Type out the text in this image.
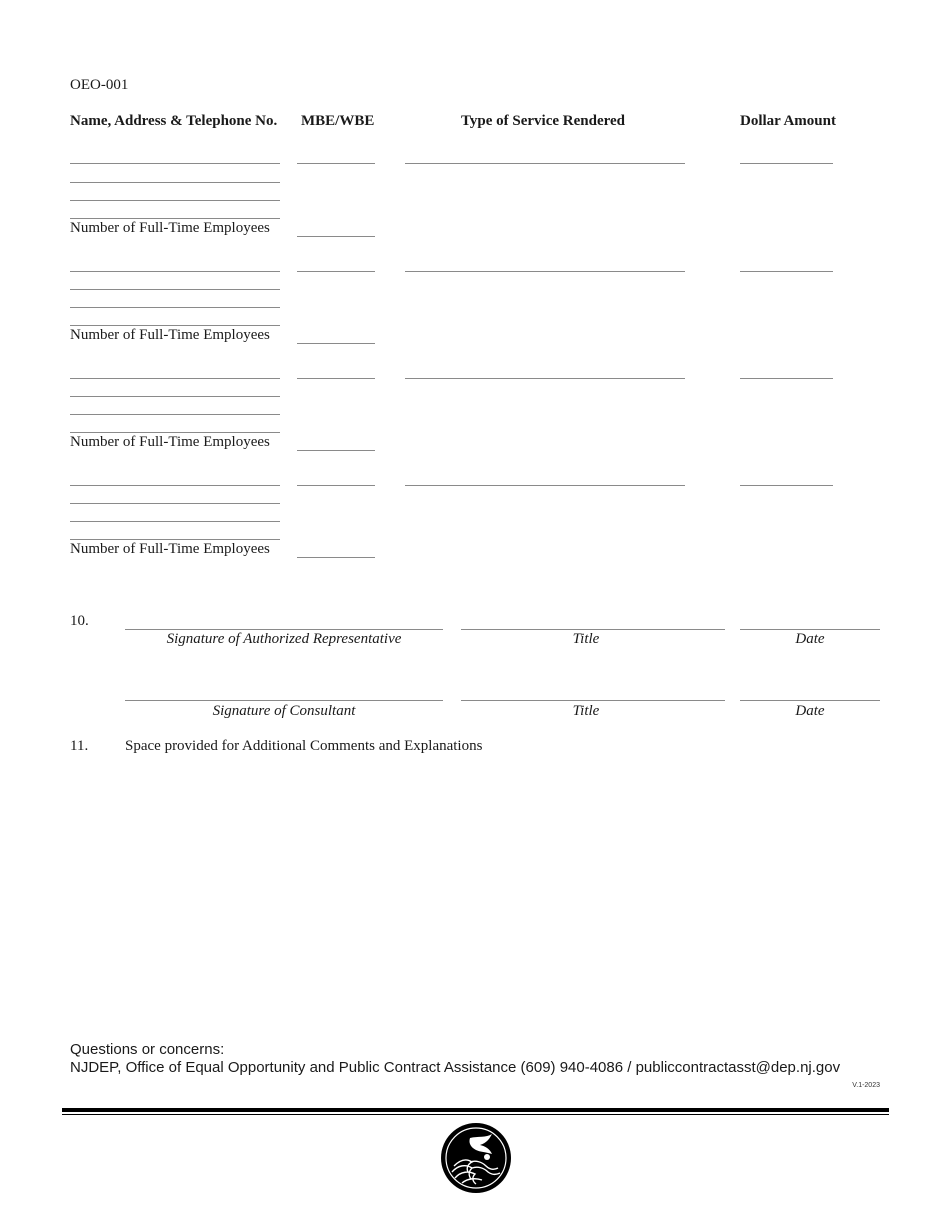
OEO-001
Name, Address & Telephone No. MBE/WBE	Type of Service Rendered	Dollar Amount
Number of Full-Time Employees
Number of Full-Time Employees
Number of Full-Time Employees
Number of Full-Time Employees
10.
Signature of Authorized Representative	Title	Date
Signature of Consultant	Title	Date
11. Space provided for Additional Comments and Explanations
Questions or concerns:
NJDEP, Office of Equal Opportunity and Public Contract Assistance (609) 940-4086 / publiccontractasst@dep.nj.gov
V.1-2023
